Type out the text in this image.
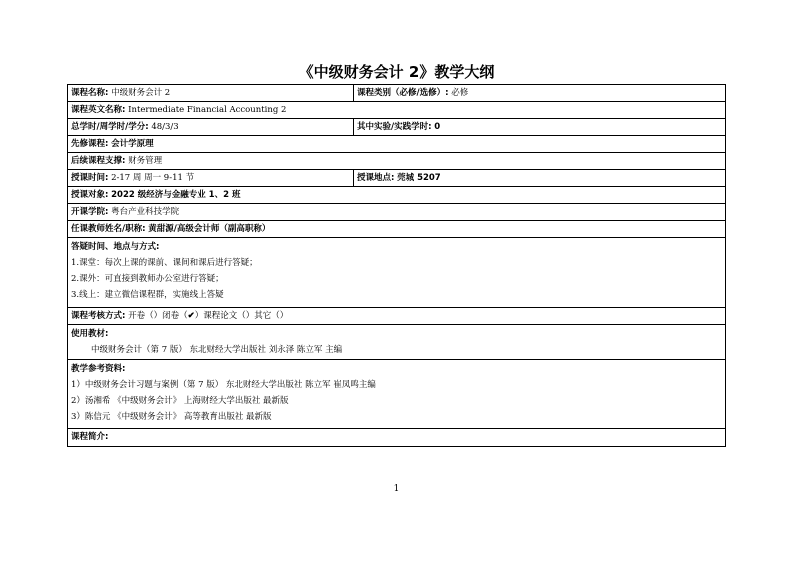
《中级财务会计 2》教学大纲
课程名称: 中级财务会计 2	课程类别（必修/选修）: 必修
课程英文名称: Intermediate Financial Accounting 2
总学时/周学时/学分: 48/3/3	其中实验/实践学时: 0
先修课程: 会计学原理
后续课程支撑: 财务管理
授课时间: 2-17 周 周一 9-11 节	授课地点: 莞城 5207
授课对象: 2022 级经济与金融专业 1、2 班
开课学院: 粤台产业科技学院
任课教师姓名/职称: 黄甜源/高级会计师（副高职称）
答疑时间、地点与方式:
1.课堂：每次上课的课前、课间和课后进行答疑；
2.课外：可直接到教师办公室进行答疑；
3.线上：建立微信课程群，实施线上答疑
课程考核方式: 开卷（）闭卷（✔）课程论文（）其它（）
使用教材:
中级财务会计（第 7 版） 东北财经大学出版社 刘永泽 陈立军 主编
教学参考资料:
1）中级财务会计习题与案例（第 7 版） 东北财经大学出版社 陈立军 崔凤鸣主编
2）汤湘希 《中级财务会计》 上海财经大学出版社 最新版
3）陈信元 《中级财务会计》 高等教育出版社 最新版
课程简介:
1
